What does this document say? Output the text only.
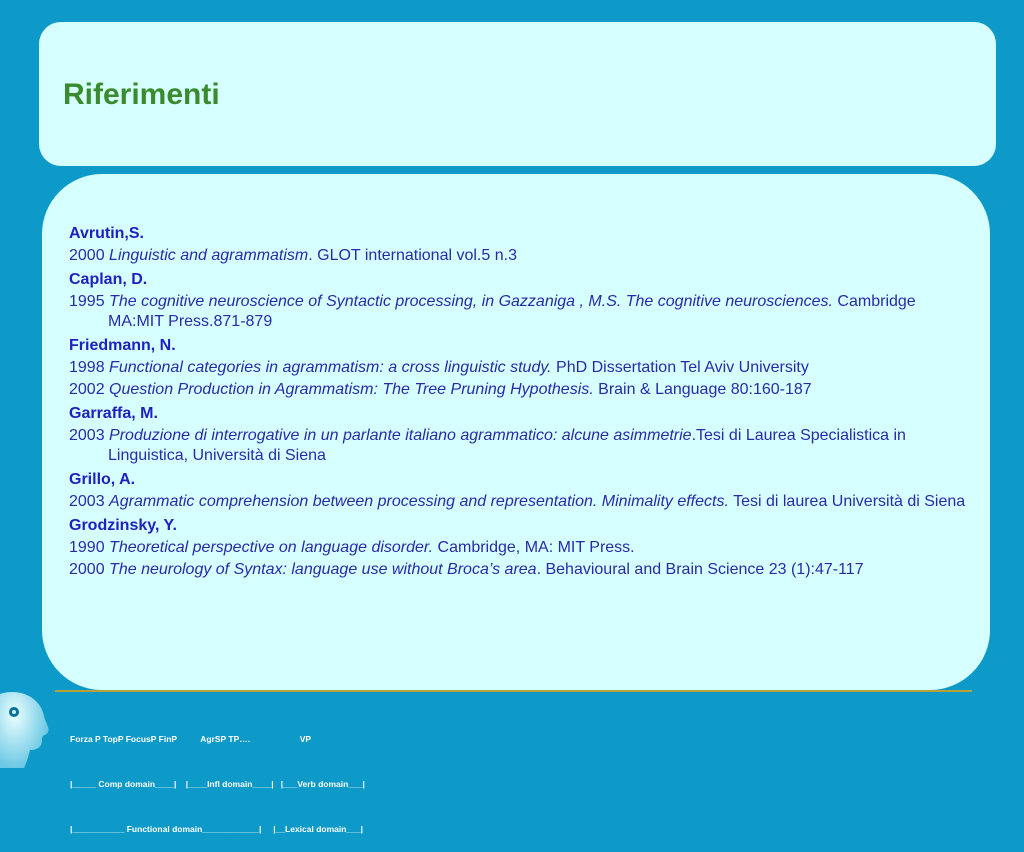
Riferimenti
Avrutin,S.
2000 Linguistic and agrammatism. GLOT international vol.5 n.3
Caplan, D.
1995 The cognitive neuroscience of Syntactic processing, in Gazzaniga , M.S. The cognitive neurosciences. Cambridge MA:MIT Press.871-879
Friedmann, N.
1998 Functional categories in agrammatism: a cross linguistic study. PhD Dissertation Tel Aviv University
2002 Question Production in Agrammatism: The Tree Pruning Hypothesis. Brain & Language 80:160-187
Garraffa, M.
2003 Produzione di interrogative in un parlante italiano agrammatico: alcune asimmetrie.Tesi di Laurea Specialistica in Linguistica, Università di Siena
Grillo, A.
2003 Agrammatic comprehension between processing and representation. Minimality effects. Tesi di laurea Università di Siena
Grodzinsky, Y.
1990 Theoretical perspective on language disorder. Cambridge, MA: MIT Press.
2000 The neurology of Syntax: language use without Broca’s area. Behavioural and Brain Science 23 (1):47-117

Forza P TopP FocusP FinP          AgrSP TP….                     VP

|_____ Comp domain____|    |____Infl domain____|   |___Verb domain___|

|___________ Functional domain____________|     |__Lexical domain___|
